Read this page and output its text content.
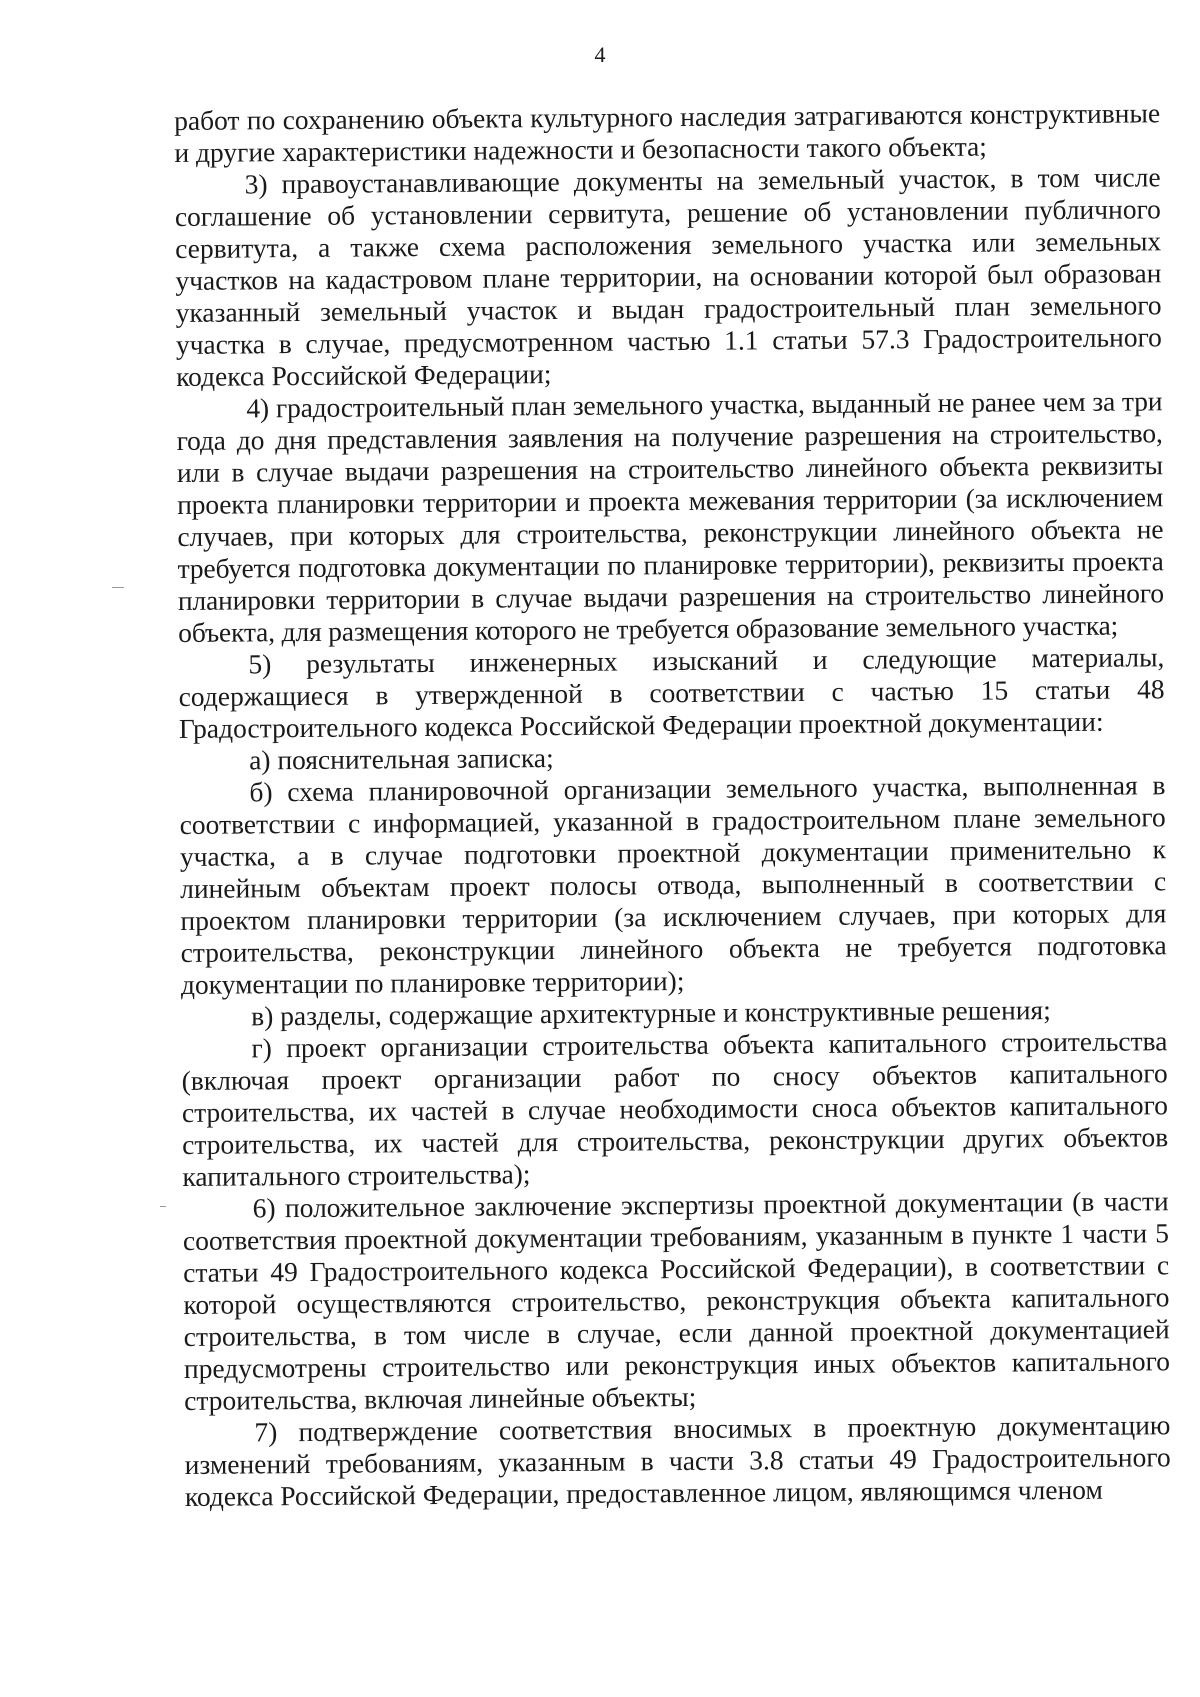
4

работ по сохранению объекта культурного наследия затрагиваются конструктивные и другие характеристики надежности и безопасности такого объекта;

3) правоустанавливающие документы на земельный участок, в том числе соглашение об установлении сервитута, решение об установлении публичного сервитута, а также схема расположения земельного участка или земельных участков на кадастровом плане территории, на основании которой был образован указанный земельный участок и выдан градостроительный план земельного участка в случае, предусмотренном частью 1.1 статьи 57.3 Градостроительного кодекса Российской Федерации;

4) градостроительный план земельного участка, выданный не ранее чем за три года до дня представления заявления на получение разрешения на строительство, или в случае выдачи разрешения на строительство линейного объекта реквизиты проекта планировки территории и проекта межевания территории (за исключением случаев, при которых для строительства, реконструкции линейного объекта не требуется подготовка документации по планировке территории), реквизиты проекта планировки территории в случае выдачи разрешения на строительство линейного объекта, для размещения которого не требуется образование земельного участка;

5) результаты инженерных изысканий и следующие материалы, содержащиеся в утвержденной в соответствии с частью 15 статьи 48 Градостроительного кодекса Российской Федерации проектной документации:

а) пояснительная записка;

б) схема планировочной организации земельного участка, выполненная в соответствии с информацией, указанной в градостроительном плане земельного участка, а в случае подготовки проектной документации применительно к линейным объектам проект полосы отвода, выполненный в соответствии с проектом планировки территории (за исключением случаев, при которых для строительства, реконструкции линейного объекта не требуется подготовка документации по планировке территории);

в) разделы, содержащие архитектурные и конструктивные решения;

г) проект организации строительства объекта капитального строительства (включая проект организации работ по сносу объектов капитального строительства, их частей в случае необходимости сноса объектов капитального строительства, их частей для строительства, реконструкции других объектов капитального строительства);

6) положительное заключение экспертизы проектной документации (в части соответствия проектной документации требованиям, указанным в пункте 1 части 5 статьи 49 Градостроительного кодекса Российской Федерации), в соответствии с которой осуществляются строительство, реконструкция объекта капитального строительства, в том числе в случае, если данной проектной документацией предусмотрены строительство или реконструкция иных объектов капитального строительства, включая линейные объекты;

7) подтверждение соответствия вносимых в проектную документацию изменений требованиям, указанным в части 3.8 статьи 49 Градостроительного кодекса Российской Федерации, предоставленное лицом, являющимся членом
